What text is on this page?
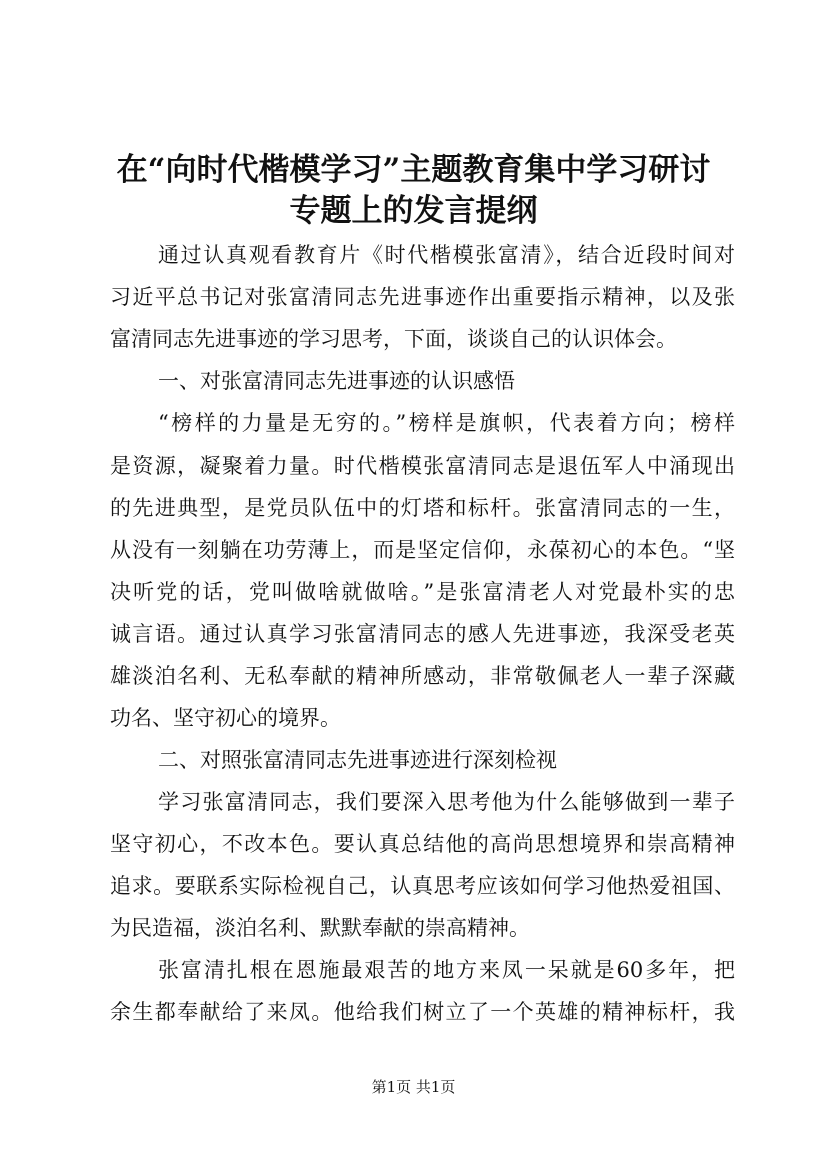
在“向时代楷模学习”主题教育集中学习研讨
专题上的发言提纲
通过认真观看教育片《时代楷模张富清》，结合近段时间对
习近平总书记对张富清同志先进事迹作出重要指示精神，以及张
富清同志先进事迹的学习思考，下面，谈谈自己的认识体会。
一、对张富清同志先进事迹的认识感悟
“榜样的力量是无穷的。”榜样是旗帜，代表着方向；榜样
是资源，凝聚着力量。时代楷模张富清同志是退伍军人中涌现出
的先进典型，是党员队伍中的灯塔和标杆。张富清同志的一生，
从没有一刻躺在功劳薄上，而是坚定信仰，永葆初心的本色。“坚
决听党的话，党叫做啥就做啥。”是张富清老人对党最朴实的忠
诚言语。通过认真学习张富清同志的感人先进事迹，我深受老英
雄淡泊名利、无私奉献的精神所感动，非常敬佩老人一辈子深藏
功名、坚守初心的境界。
二、对照张富清同志先进事迹进行深刻检视
学习张富清同志，我们要深入思考他为什么能够做到一辈子
坚守初心，不改本色。要认真总结他的高尚思想境界和崇高精神
追求。要联系实际检视自己，认真思考应该如何学习他热爱祖国、
为民造福，淡泊名利、默默奉献的崇高精神。
张富清扎根在恩施最艰苦的地方来凤一呆就是60多年，把
余生都奉献给了来凤。他给我们树立了一个英雄的精神标杆，我
第1页 共1页
